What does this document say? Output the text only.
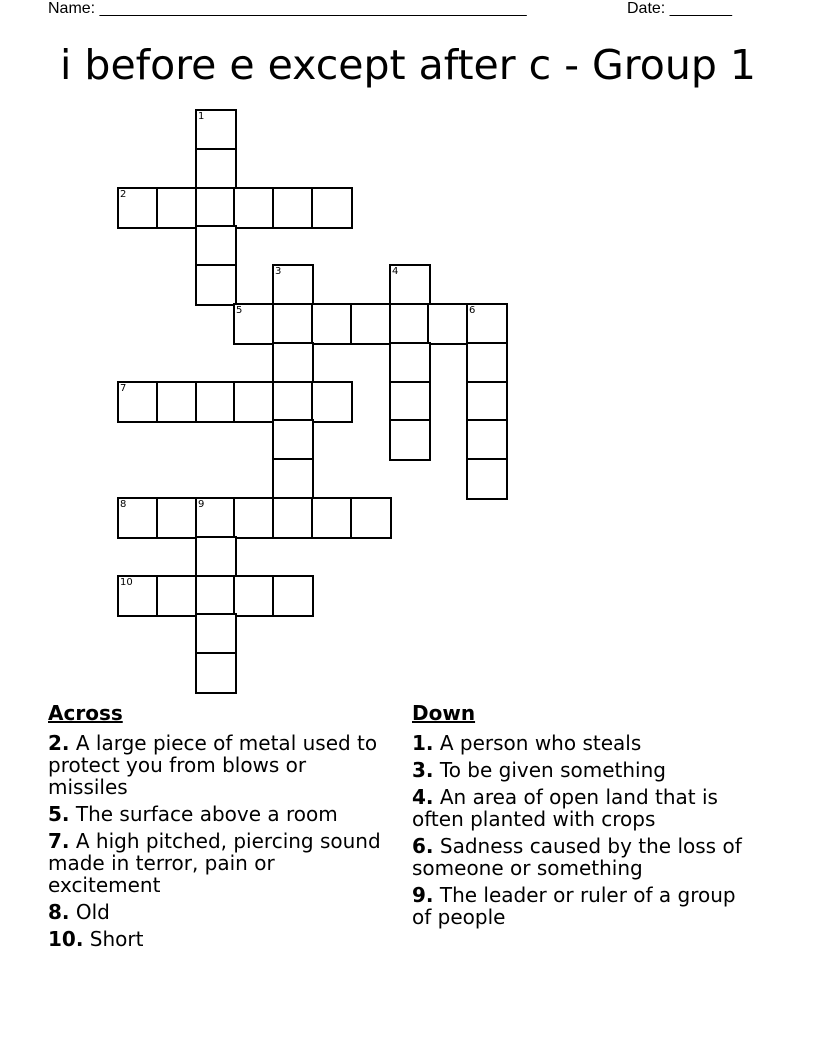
Name: ________________________________________________	Date: _______
i before e except after c - Group 1
1
2
3	4
5	6
7
8	9
10
Across
2. A large piece of metal used to protect you from blows or missiles
5. The surface above a room
7. A high pitched, piercing sound made in terror, pain or excitement
8. Old
10. Short
Down
1. A person who steals
3. To be given something
4. An area of open land that is often planted with crops
6. Sadness caused by the loss of someone or something
9. The leader or ruler of a group of people
